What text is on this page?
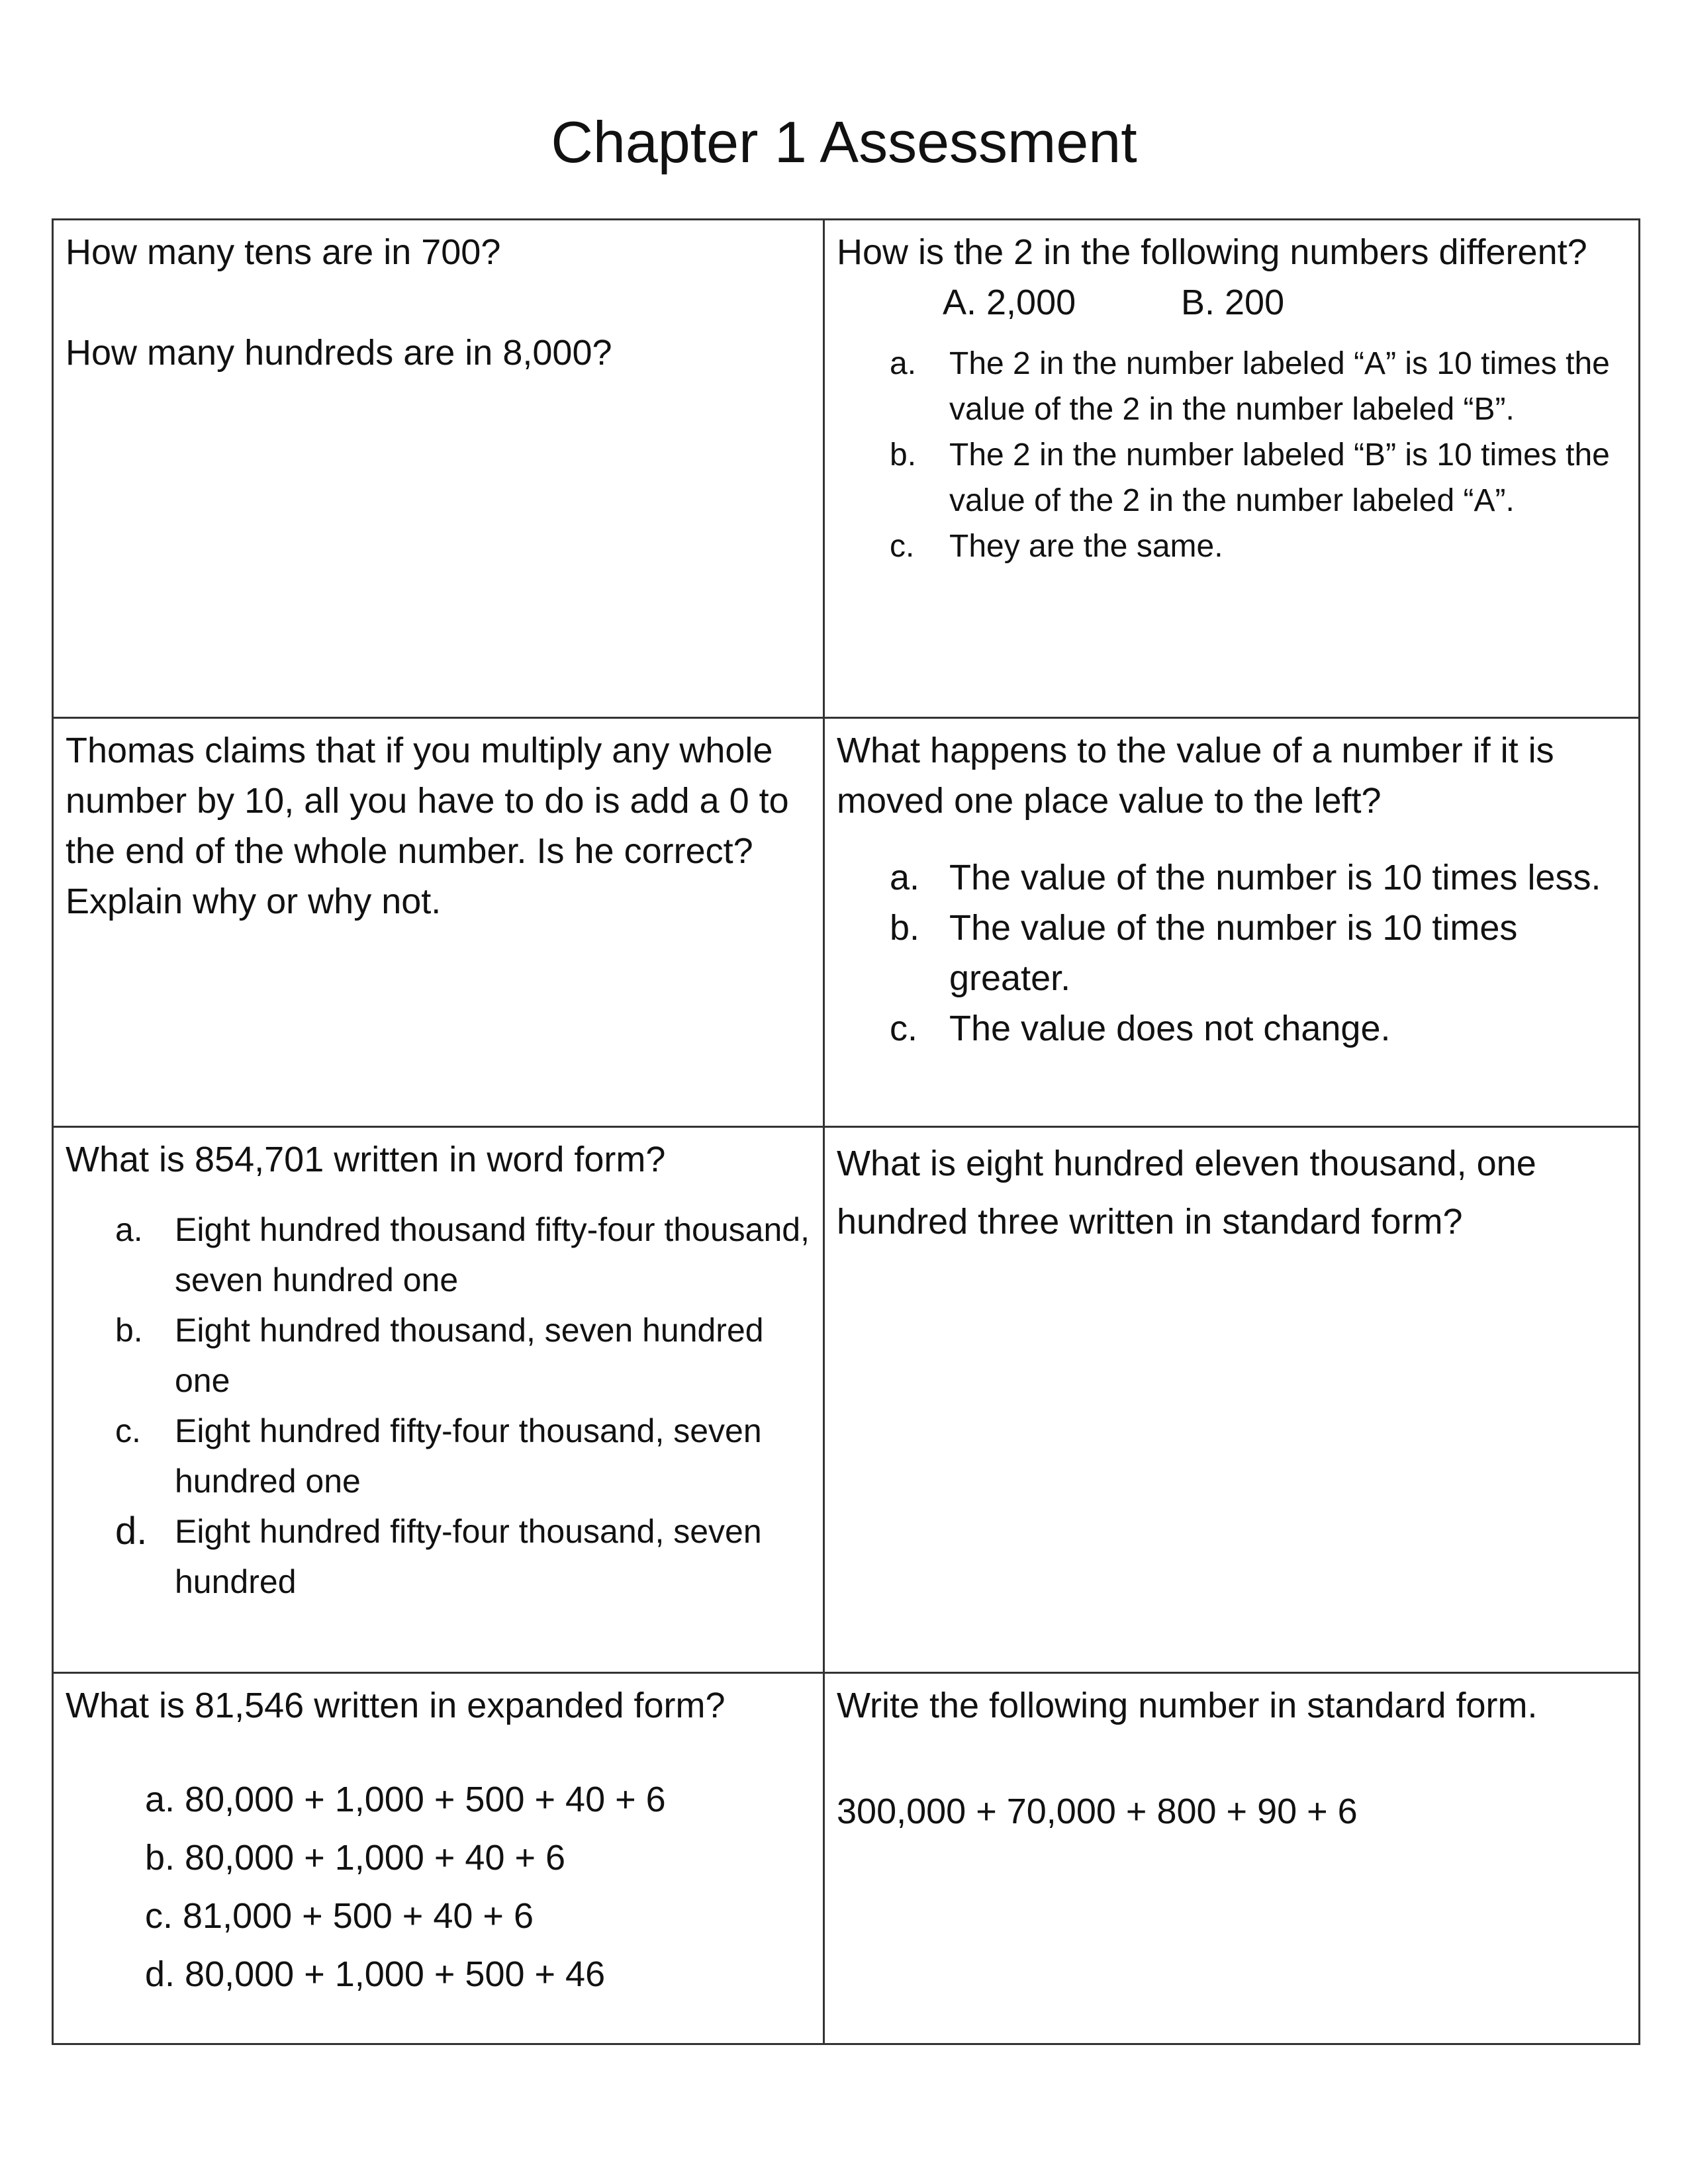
Chapter 1 Assessment

How many tens are in 700?

How many hundreds are in 8,000?

How is the 2 in the following numbers different?

A. 2,000	B. 200
a. The 2 in the number labeled “A” is 10 times the value of the 2 in the number labeled “B”.
b. The 2 in the number labeled “B” is 10 times the value of the 2 in the number labeled “A”.
c. They are the same.

Thomas claims that if you multiply any whole number by 10, all you have to do is add a 0 to the end of the whole number. Is he correct? Explain why or why not.

What happens to the value of a number if it is moved one place value to the left?

a. The value of the number is 10 times less.
b. The value of the number is 10 times greater.
c. The value does not change.

What is 854,701 written in word form?

a. Eight hundred thousand fifty-four thousand, seven hundred one
b. Eight hundred thousand, seven hundred one
c. Eight hundred fifty-four thousand, seven hundred one
d. Eight hundred fifty-four thousand, seven hundred

What is eight hundred eleven thousand, one hundred three written in standard form?

What is 81,546 written in expanded form?

a. 80,000 + 1,000 + 500 + 40 + 6
b. 80,000 + 1,000 + 40 + 6
c. 81,000 + 500 + 40 + 6
d. 80,000 + 1,000 + 500 + 46

Write the following number in standard form.

300,000 + 70,000 + 800 + 90 + 6
